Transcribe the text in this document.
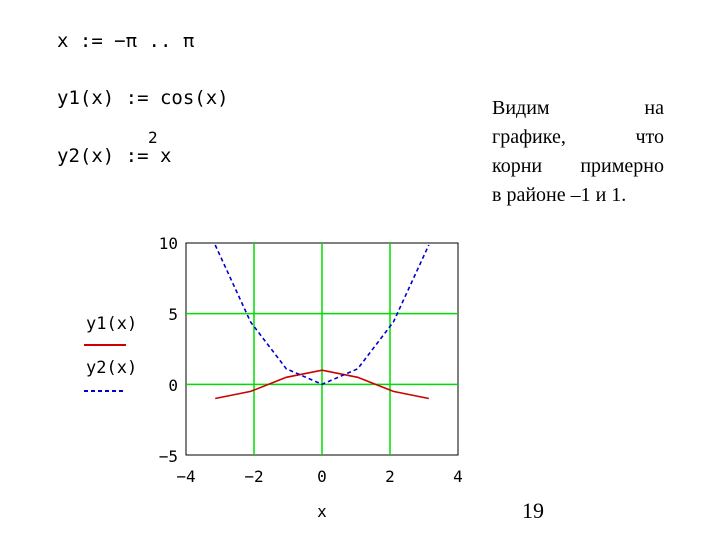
x := −π .. π
y1(x) := cos(x)
y2(x) := x
2
Видим на
графике, что
корни примерно
в районе –1 и 1.
10
5
0
−5
−4	−2	0	2	4
x
y1(x)
y2(x)
19
